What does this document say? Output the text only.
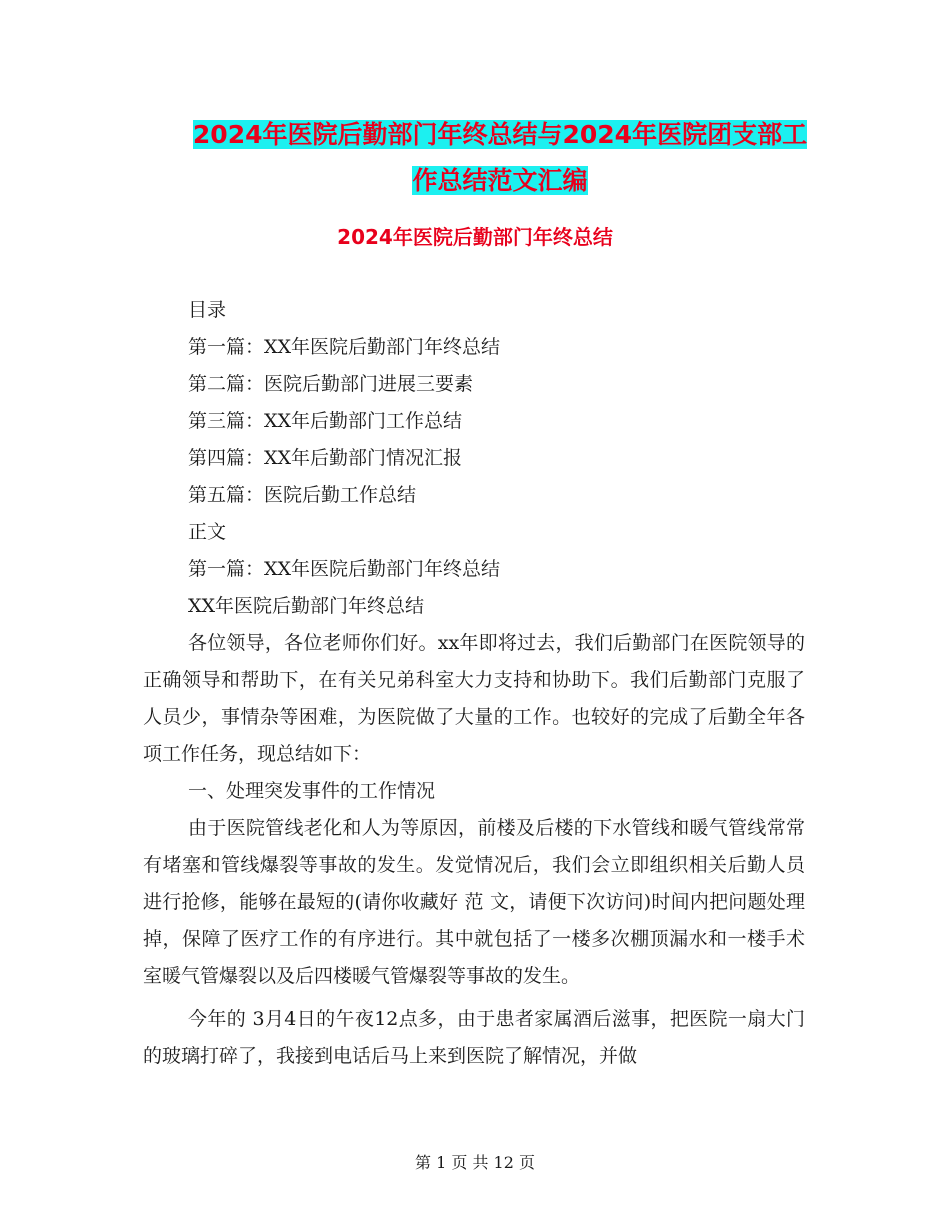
2024年医院后勤部门年终总结与2024年医院团支部工
作总结范文汇编
2024年医院后勤部门年终总结

目录

第一篇：XX年医院后勤部门年终总结

第二篇：医院后勤部门进展三要素

第三篇：XX年后勤部门工作总结

第四篇：XX年后勤部门情况汇报

第五篇：医院后勤工作总结

正文

第一篇：XX年医院后勤部门年终总结

XX年医院后勤部门年终总结

各位领导，各位老师你们好。xx年即将过去，我们后勤部门在医院领导的正确领导和帮助下，在有关兄弟科室大力支持和协助下。我们后勤部门克服了人员少，事情杂等困难，为医院做了大量的工作。也较好的完成了后勤全年各项工作任务，现总结如下：

一、处理突发事件的工作情况

由于医院管线老化和人为等原因，前楼及后楼的下水管线和暖气管线常常有堵塞和管线爆裂等事故的发生。发觉情况后，我们会立即组织相关后勤人员进行抢修，能够在最短的(请你收藏好 范 文，请便下次访问)时间内把问题处理掉，保障了医疗工作的有序进行。其中就包括了一楼多次棚顶漏水和一楼手术室暖气管爆裂以及后四楼暖气管爆裂等事故的发生。

今年的 3月4日的午夜12点多，由于患者家属酒后滋事，把医院一扇大门的玻璃打碎了，我接到电话后马上来到医院了解情况，并做

第 1 页 共 12 页
